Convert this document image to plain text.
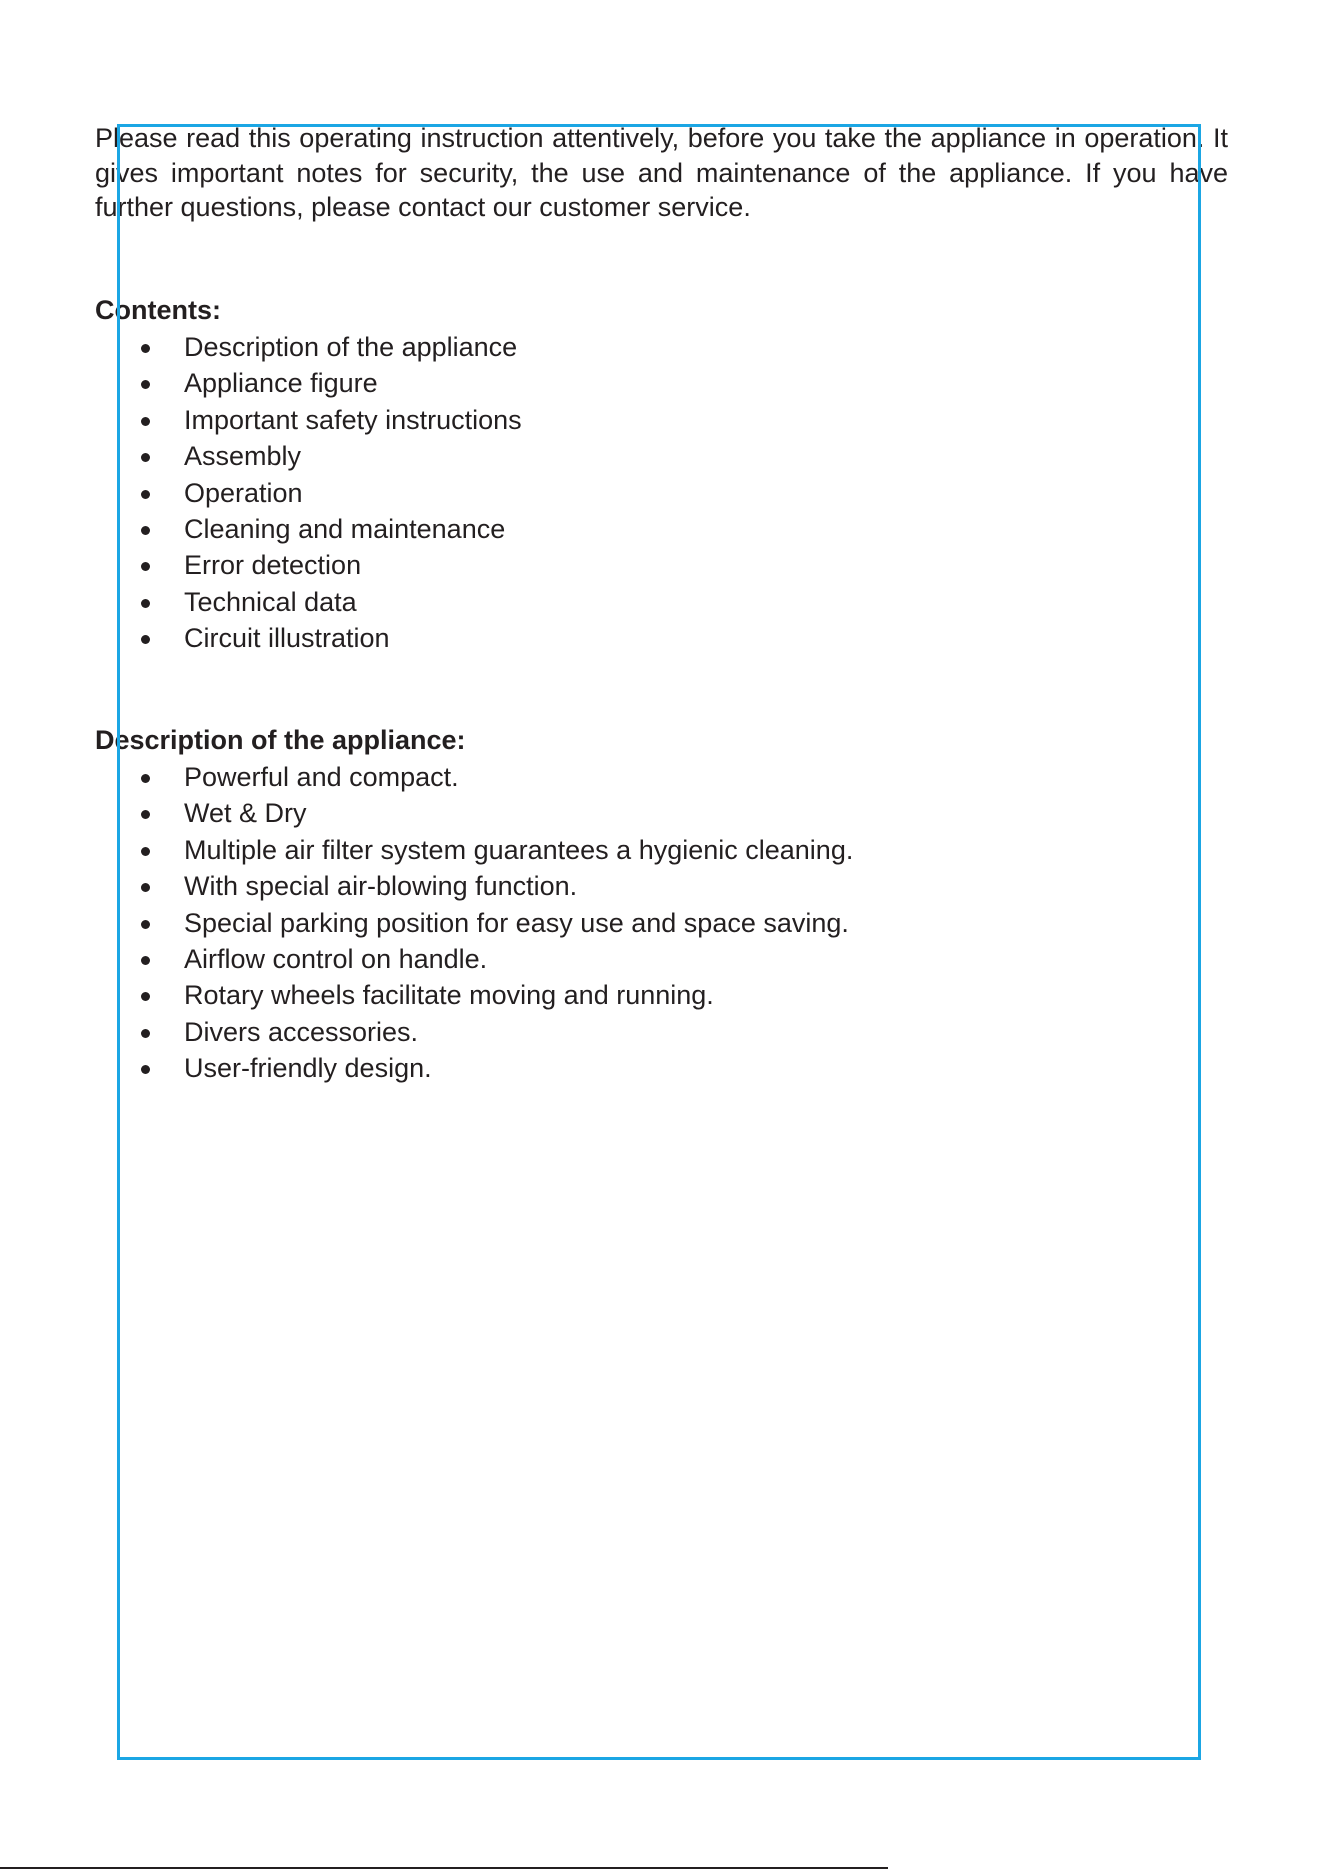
Please read this operating instruction attentively, before you take the appliance in operation. It gives important notes for security, the use and maintenance of the appliance. If you have further questions, please contact our customer service.

Contents:
Description of the appliance
Appliance figure
Important safety instructions
Assembly
Operation
Cleaning and maintenance
Error detection
Technical data
Circuit illustration
Description of the appliance:
Powerful and compact.
Wet & Dry
Multiple air filter system guarantees a hygienic cleaning.
With special air-blowing function.
Special parking position for easy use and space saving.
Airflow control on handle.
Rotary wheels facilitate moving and running.
Divers accessories.
User-friendly design.
